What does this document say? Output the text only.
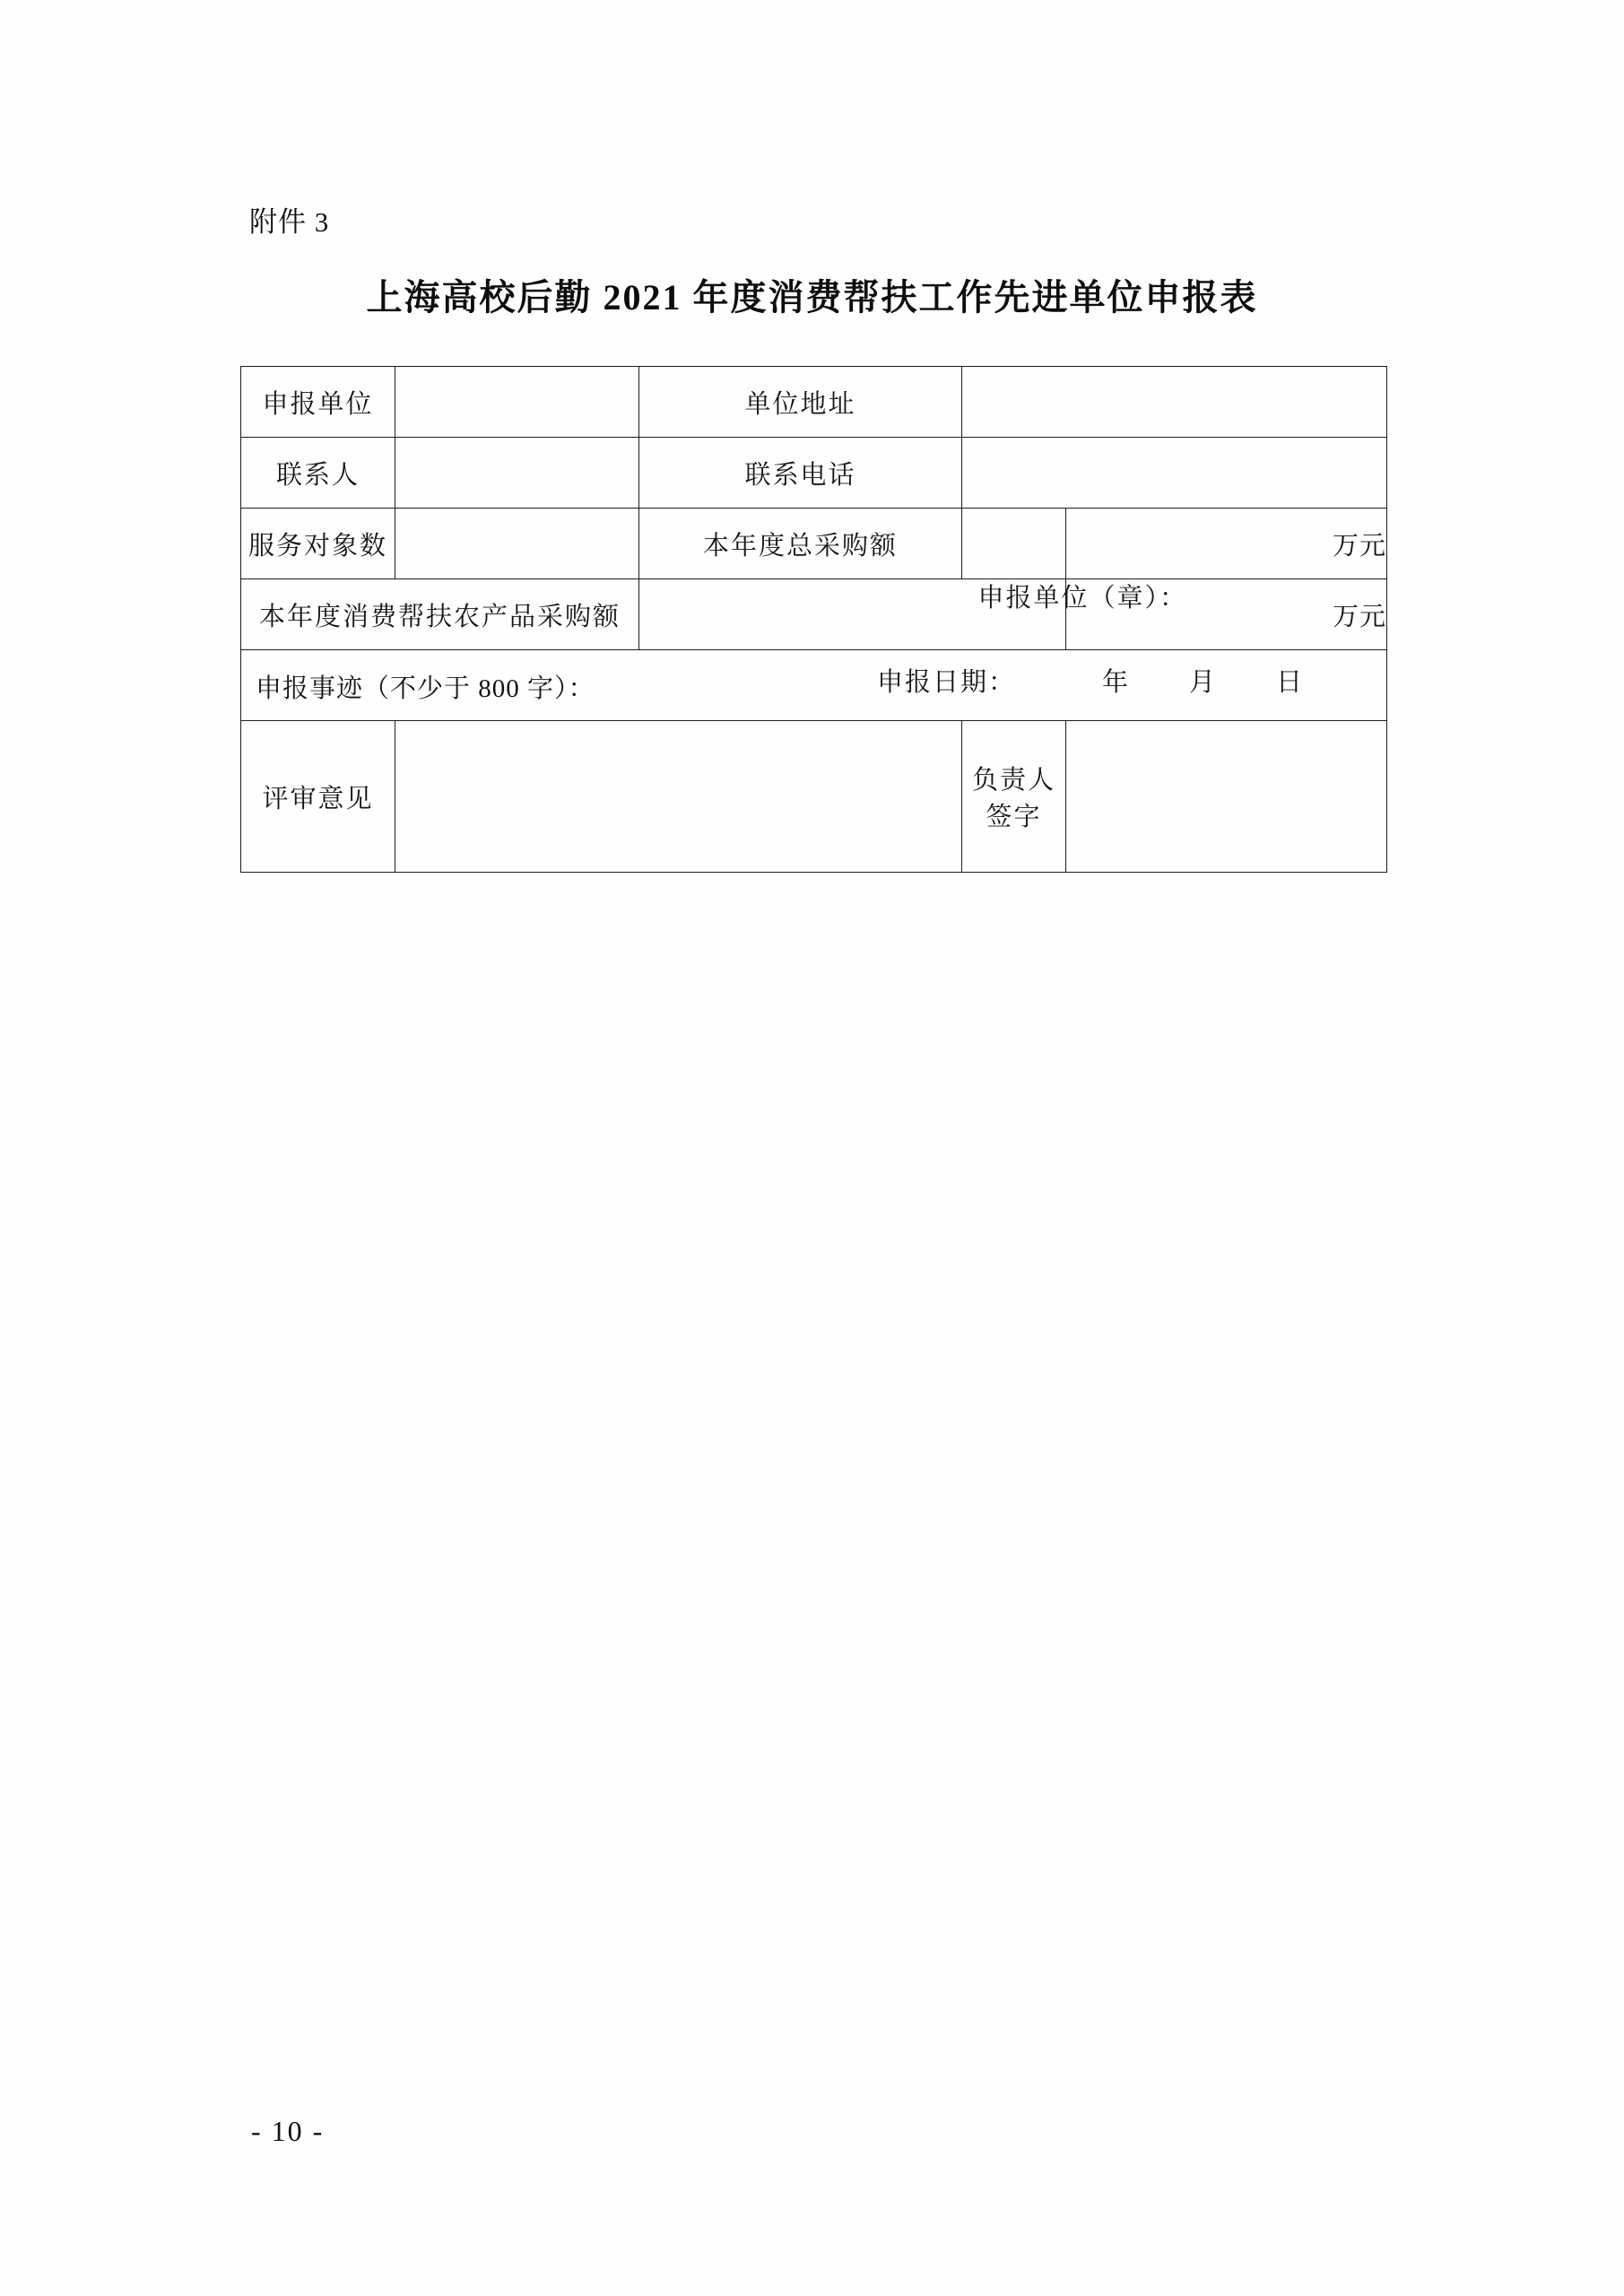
附件 3
上海高校后勤 2021 年度消费帮扶工作先进单位申报表
申报单位		单位地址		
联系人		联系电话		
服务对象数		本年度总采购额		万元
本年度消费帮扶农产品采购额				万元

申报事迹（不少于 800 字）：
申报单位（章）：
申报日期： 年 月 日				

评审意见			负责人签字	
- 10 -
